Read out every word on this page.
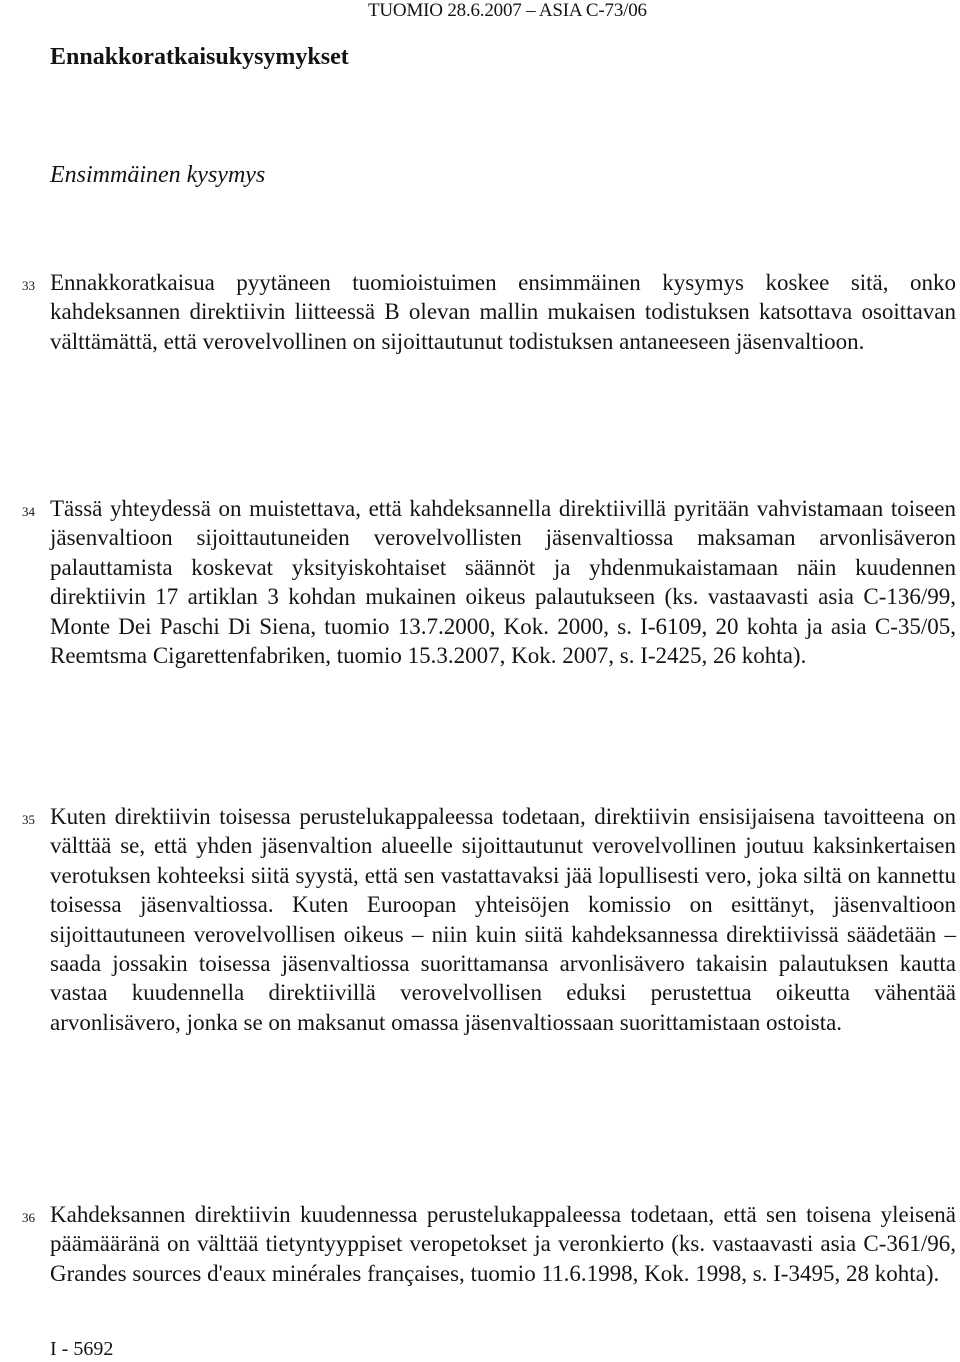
TUOMIO 28.6.2007 – ASIA C-73/06
Ennakkoratkaisukysymykset
Ensimmäinen kysymys
33 Ennakkoratkaisua pyytäneen tuomioistuimen ensimmäinen kysymys koskee sitä, onko kahdeksannen direktiivin liitteessä B olevan mallin mukaisen todistuksen katsottava osoittavan välttämättä, että verovelvollinen on sijoittautunut todistuksen antaneeseen jäsenvaltioon.
34 Tässä yhteydessä on muistettava, että kahdeksannella direktiivillä pyritään vahvistamaan toiseen jäsenvaltioon sijoittautuneiden verovelvollisten jäsenvaltiossa maksaman arvonlisäveron palauttamista koskevat yksityiskohtaiset säännöt ja yhdenmukaistamaan näin kuudennen direktiivin 17 artiklan 3 kohdan mukainen oikeus palautukseen (ks. vastaavasti asia C-136/99, Monte Dei Paschi Di Siena, tuomio 13.7.2000, Kok. 2000, s. I-6109, 20 kohta ja asia C-35/05, Reemtsma Cigarettenfabriken, tuomio 15.3.2007, Kok. 2007, s. I-2425, 26 kohta).
35 Kuten direktiivin toisessa perustelukappaleessa todetaan, direktiivin ensisijaisena tavoitteena on välttää se, että yhden jäsenvaltion alueelle sijoittautunut verovelvollinen joutuu kaksinkertaisen verotuksen kohteeksi siitä syystä, että sen vastattavaksi jää lopullisesti vero, joka siltä on kannettu toisessa jäsenvaltiossa. Kuten Euroopan yhteisöjen komissio on esittänyt, jäsenvaltioon sijoittautuneen verovelvollisen oikeus – niin kuin siitä kahdeksannessa direktiivissä säädetään – saada jossakin toisessa jäsenvaltiossa suorittamansa arvonlisävero takaisin palautuksen kautta vastaa kuudennella direktiivillä verovelvollisen eduksi perustettua oikeutta vähentää arvonlisävero, jonka se on maksanut omassa jäsenvaltiossaan suorittamistaan ostoista.
36 Kahdeksannen direktiivin kuudennessa perustelukappaleessa todetaan, että sen toisena yleisenä päämääränä on välttää tietyntyyppiset veropetokset ja veronkierto (ks. vastaavasti asia C-361/96, Grandes sources d'eaux minérales françaises, tuomio 11.6.1998, Kok. 1998, s. I-3495, 28 kohta).
I - 5692
